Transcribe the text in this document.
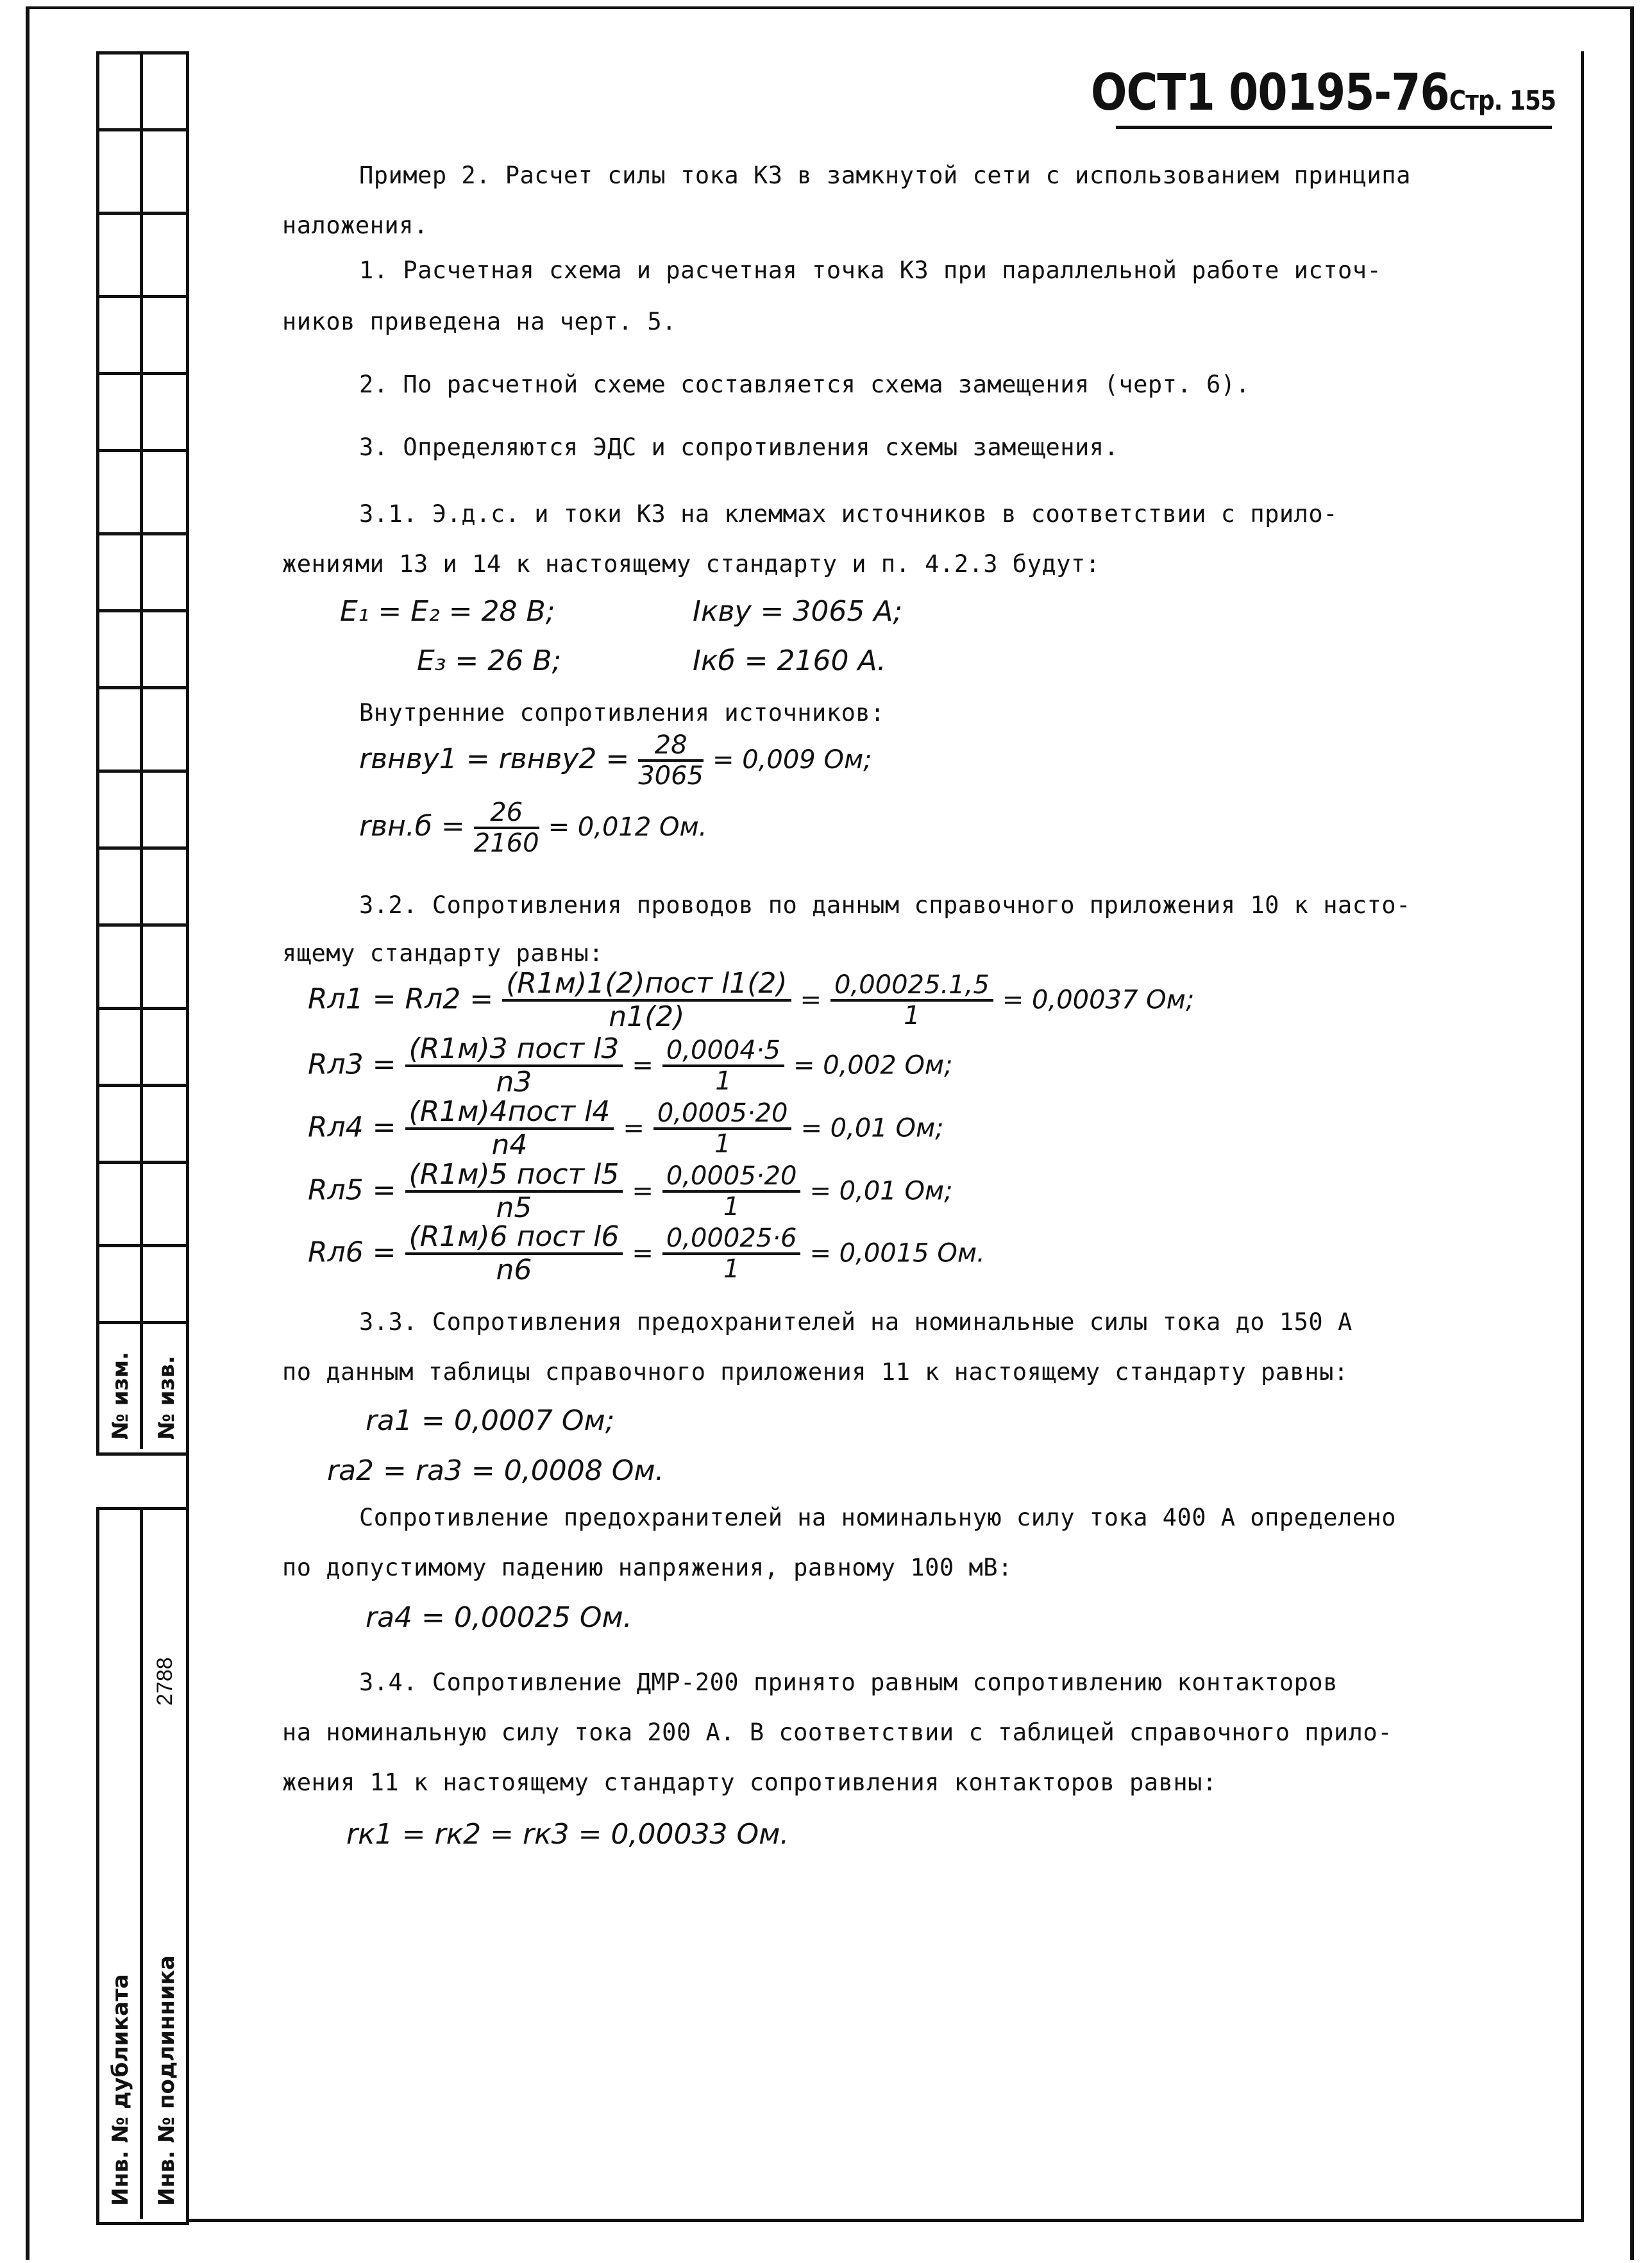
№ изм. № изв.
2788
Инв. № дубликата Инв. № подлинника
ОСТ1 00195-76Стр. 155
Пример 2. Расчет силы тока КЗ в замкнутой сети с использованием принципа
наложения.
1. Расчетная схема и расчетная точка КЗ при параллельной работе источ-
ников приведена на черт. 5.
2. По расчетной схеме составляется схема замещения (черт. 6).
3. Определяются ЭДС и сопротивления схемы замещения.
3.1. Э.д.с. и токи КЗ на клеммах источников в соответствии с прило-
жениями 13 и 14 к настоящему стандарту и п. 4.2.3 будут:
E₁ = E₂ = 28 В;	Iкву = 3065 А;
E₃ = 26 В;	Iкб = 2160 А.
Внутренние сопротивления источников:
rвнву1 = rвнву2 = $\frac{28}{3065} = 0,009$ Ом;
$rвн.б = \frac{26}{2160} = 0,012$ Ом.
3.2. Сопротивления проводов по данным справочного приложения 10 к насто-
ящему стандарту равны:
$Rл1 = Rл2 = \frac{\text{(R1м)1(2)пост l1(2)}}{n1(2)} = \frac{0,00025.1,5}{1} = 0,00037$ Ом;
$Rл3 = \frac{\text{(R1м)3 пост l3}}{n3} = \frac{0,0004\cdot 5}{1} = 0,002$ Ом;
$Rл4 = \frac{\text{(R1м)4пост l4}}{n4} = \frac{0,0005\cdot 20}{1} = 0,01$ Ом;
$Rл5 = \frac{\text{(R1м)5 пост l5}}{n5} = \frac{0,0005\cdot 20}{1} = 0,01$ Ом;
$Rл6 = \frac{\text{(R1м)6 пост l6}}{n6} = \frac{0,00025\cdot 6}{1} = 0,0015$ Ом.
3.3. Сопротивления предохранителей на номинальные силы тока до 150 А
по данным таблицы справочного приложения 11 к настоящему стандарту равны:
ra1 = 0,0007 Ом;
ra2 = ra3 = 0,0008 Ом.
Сопротивление предохранителей на номинальную силу тока 400 А определено
по допустимому падению напряжения, равному 100 мВ:
ra4 = 0,00025 Ом.
3.4. Сопротивление ДМР-200 принято равным сопротивлению контакторов
на номинальную силу тока 200 А. В соответствии с таблицей справочного прило-
жения 11 к настоящему стандарту сопротивления контакторов равны:
rк1 = rк2 = rк3 = 0,00033 Ом.
